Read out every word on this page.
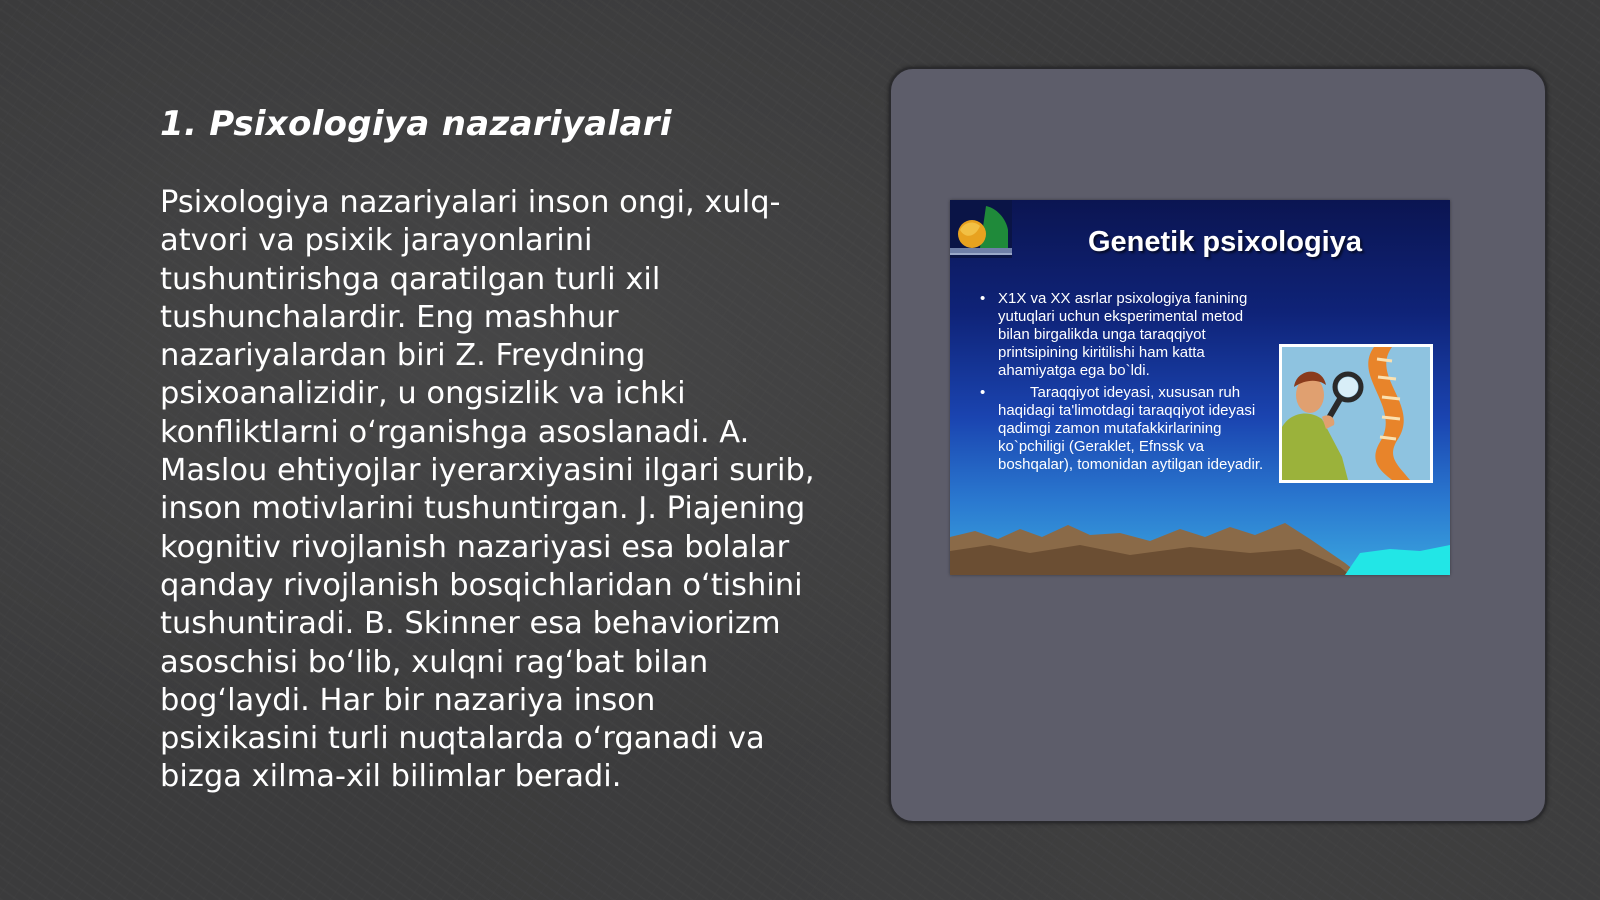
1. Psixologiya nazariyalari

Psixologiya nazariyalari inson ongi, xulq-atvori va psixik jarayonlarini tushuntirishga qaratilgan turli xil tushunchalardir. Eng mashhur nazariyalardan biri Z. Freydning psixoanalizidir, u ongsizlik va ichki konfliktlarni o‘rganishga asoslanadi. A. Maslou ehtiyojlar iyerarxiyasini ilgari surib, inson motivlarini tushuntirgan. J. Piajening kognitiv rivojlanish nazariyasi esa bolalar qanday rivojlanish bosqichlaridan o‘tishini tushuntiradi. B. Skinner esa behaviorizm asoschisi bo‘lib, xulqni rag‘bat bilan bog‘laydi. Har bir nazariya inson psixikasini turli nuqtalarda o‘rganadi va bizga xilma-xil bilimlar beradi.

Genetik psixologiya
• X1X va XX asrlar psixologiya fanining yutuqlari uchun eksperimental metod bilan birgalikda unga taraqqiyot printsipining kiritilishi ham katta ahamiyatga ega bo`ldi.
• Taraqqiyot ideyasi, xususan ruh haqidagi ta'limotdagi taraqqiyot ideyasi qadimgi zamon mutafakkirlarining ko`pchiligi (Geraklet, Efnssk va boshqalar), tomonidan aytilgan ideyadir.
